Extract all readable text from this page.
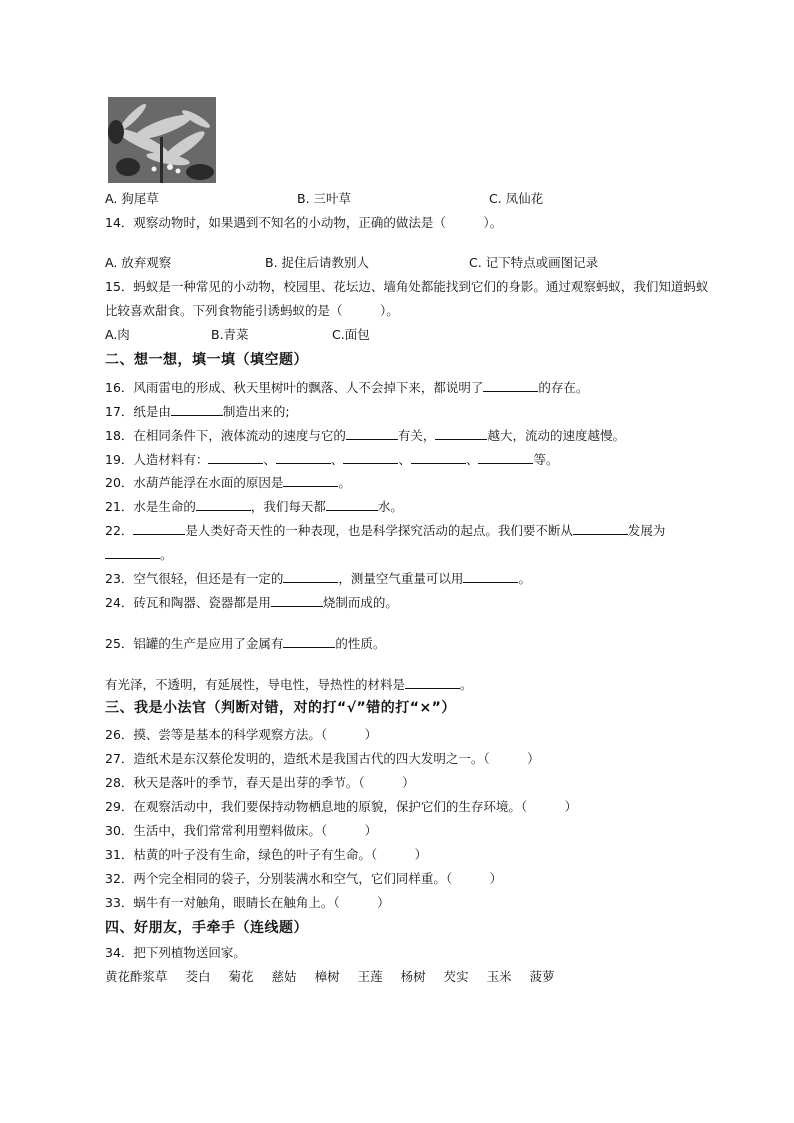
A. 狗尾草	B. 三叶草	C. 凤仙花
14．观察动物时，如果遇到不知名的小动物，正确的做法是（　　　）。
A. 放弃观察	B. 捉住后请教别人	C. 记下特点或画图记录
15．蚂蚁是一种常见的小动物，校园里、花坛边、墙角处都能找到它们的身影。通过观察蚂蚁，我们知道蚂蚁
比较喜欢甜食。下列食物能引诱蚂蚁的是（　　　）。
A.肉	B.青菜	C.面包
二、想一想，填一填（填空题）
16．风雨雷电的形成、秋天里树叶的飘落、人不会掉下来，都说明了	的存在。
17．纸是由	制造出来的;
18．在相同条件下，液体流动的速度与它的	有关，	越大，流动的速度越慢。
19．人造材料有：	、	、	、	、	等。
20．水葫芦能浮在水面的原因是	。
21．水是生命的	，我们每天都	水。
22．	是人类好奇天性的一种表现，也是科学探究活动的起点。我们要不断从	发展为
。
23．空气很轻，但还是有一定的	，测量空气重量可以用	。
24．砖瓦和陶器、瓷器都是用	烧制而成的。
25．铝罐的生产是应用了金属有	的性质。
有光泽，不透明，有延展性，导电性，导热性的材料是	。
三、我是小法官（判断对错，对的打“√”错的打“×”）
26．摸、尝等是基本的科学观察方法。（　　　）
27．造纸术是东汉蔡伦发明的，造纸术是我国古代的四大发明之一。（　　　）
28．秋天是落叶的季节，春天是出芽的季节。（　　　）
29．在观察活动中，我们要保持动物栖息地的原貌，保护它们的生存环境。（　　　）
30．生活中，我们常常利用塑料做床。（　　　）
31．枯黄的叶子没有生命，绿色的叶子有生命。（　　　）
32．两个完全相同的袋子，分别装满水和空气，它们同样重。（　　　）
33．蜗牛有一对触角，眼睛长在触角上。（　　　）
四、好朋友，手牵手（连线题）
34．把下列植物送回家。
黄花酢浆草 茭白 菊花 慈姑 樟树 王莲 杨树 芡实 玉米 菠萝
